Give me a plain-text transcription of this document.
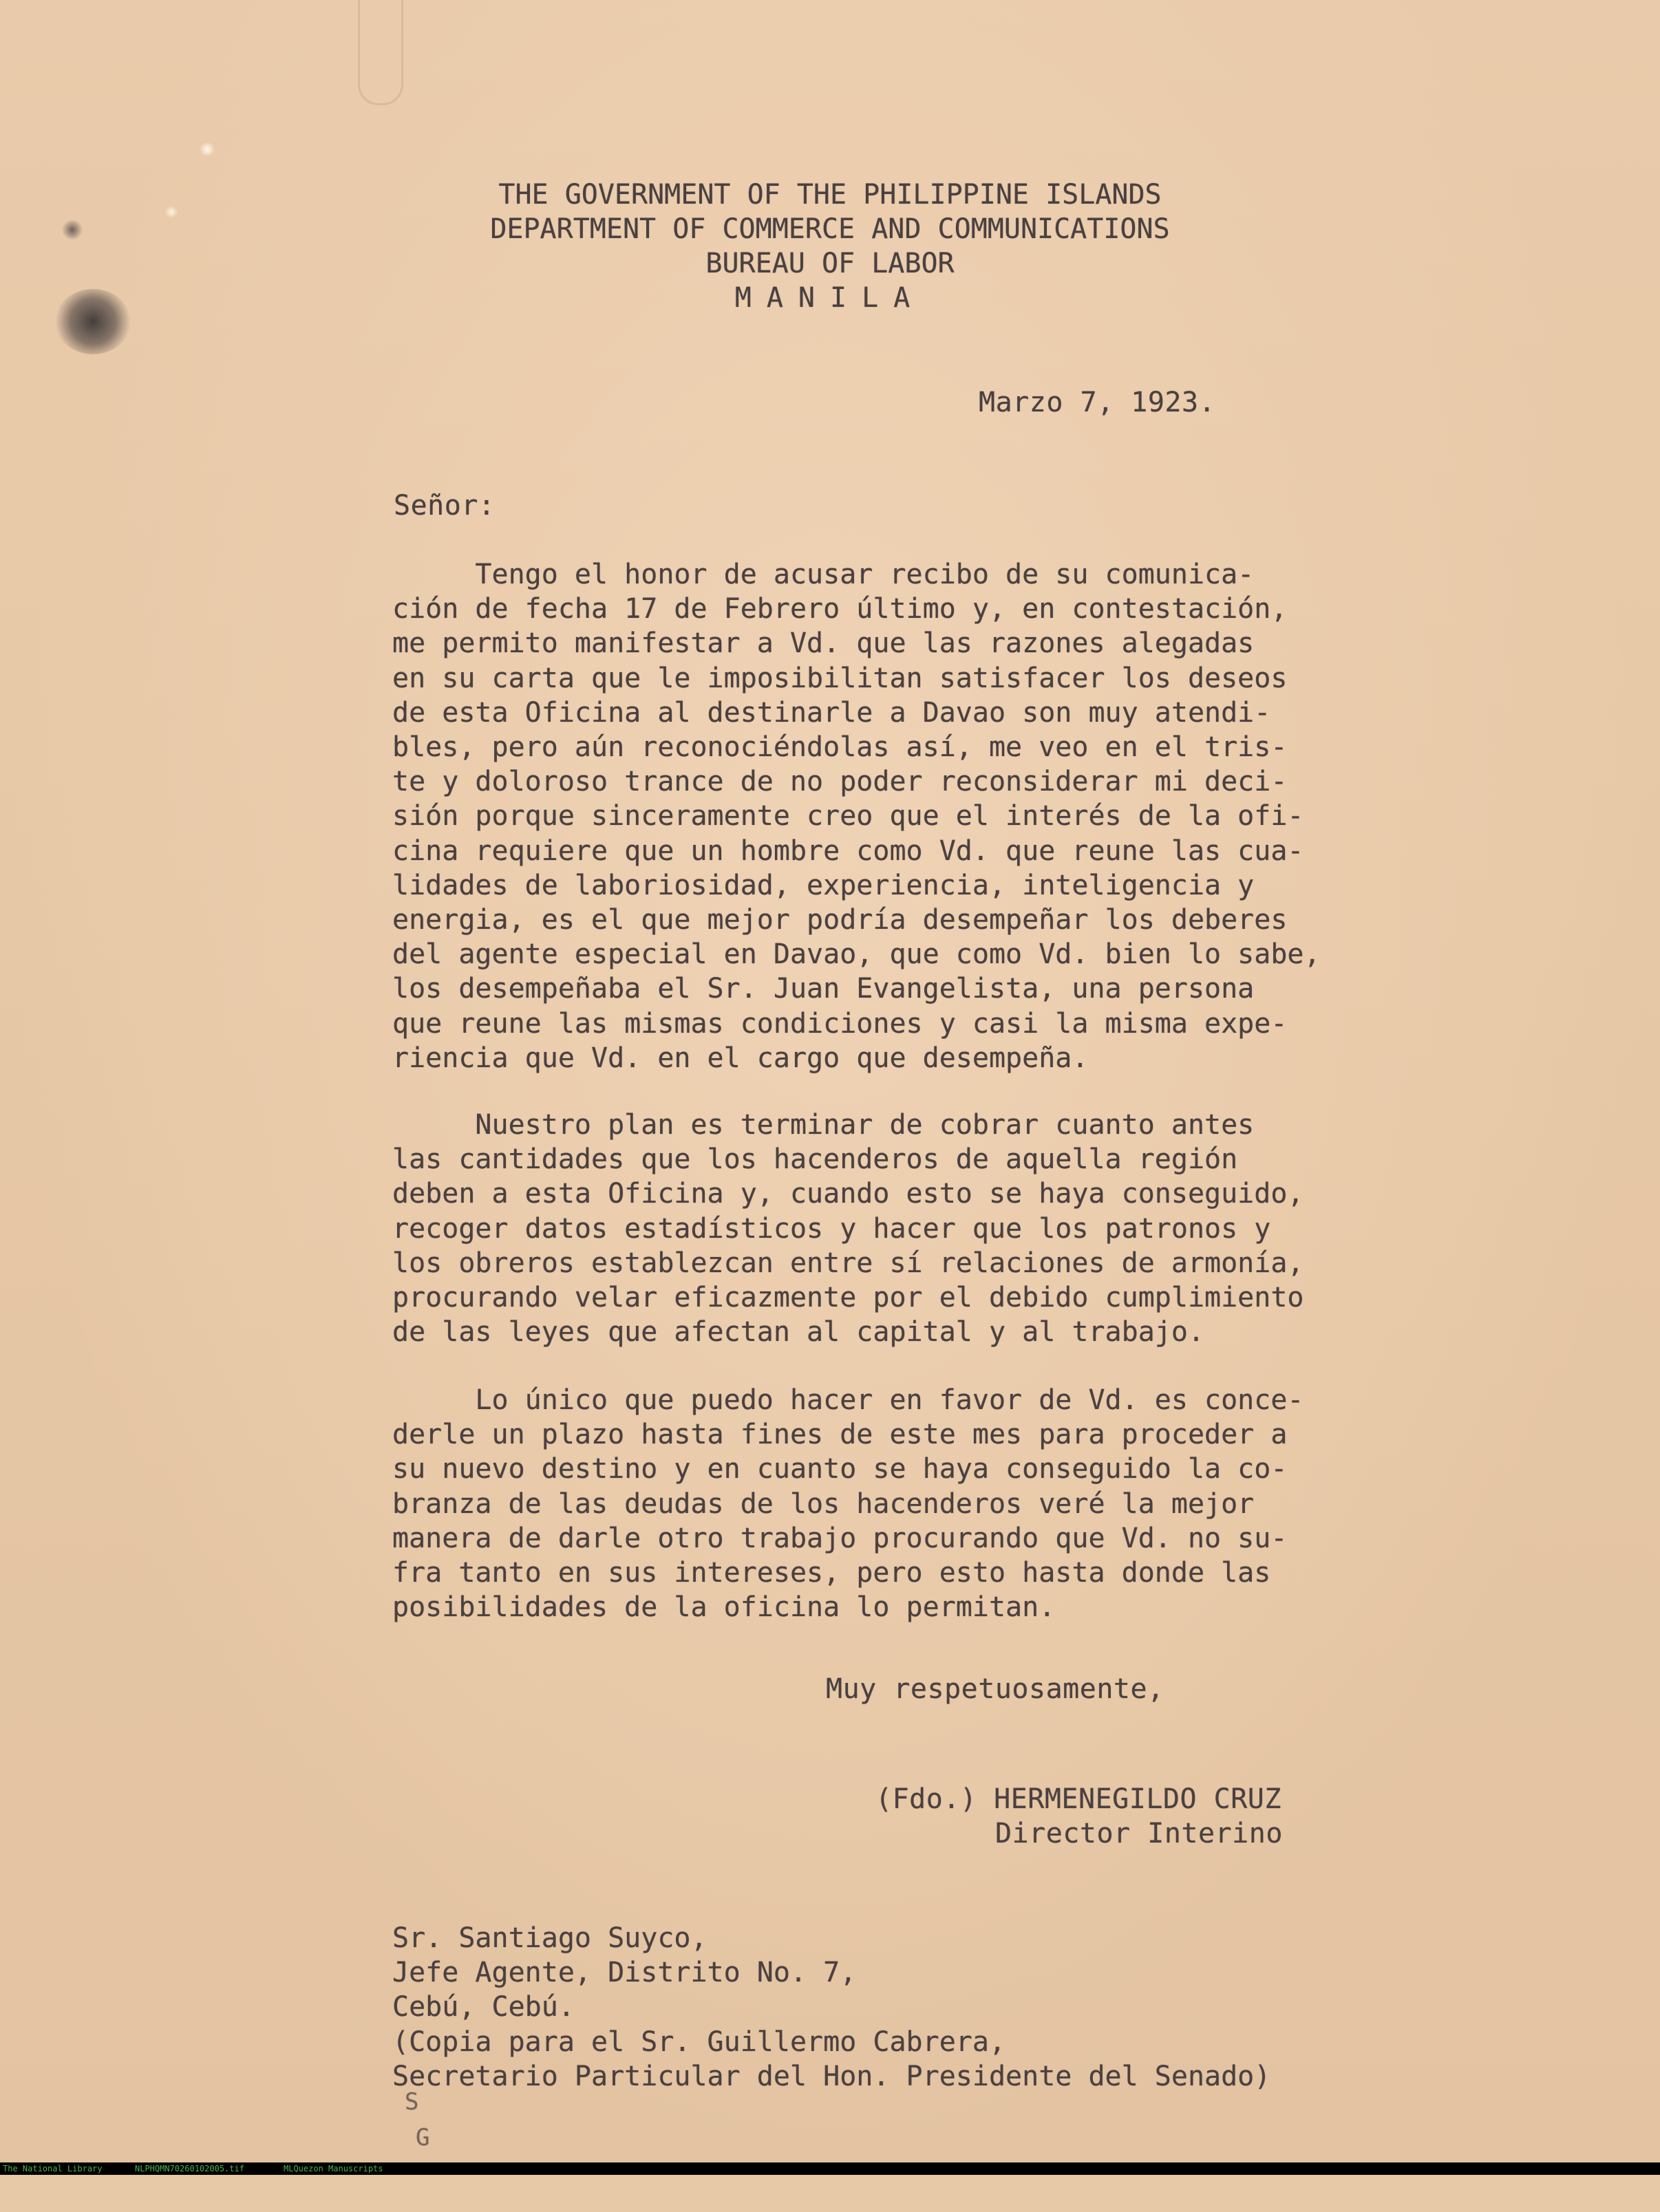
THE GOVERNMENT OF THE PHILIPPINE ISLANDS
DEPARTMENT OF COMMERCE AND COMMUNICATIONS
BUREAU OF LABOR
MANILA
Marzo 7, 1923.
Señor:
Tengo el honor de acusar recibo de su comunica-
ción de fecha 17 de Febrero último y, en contestación,
me permito manifestar a Vd. que las razones alegadas
en su carta que le imposibilitan satisfacer los deseos
de esta Oficina al destinarle a Davao son muy atendi-
bles, pero aún reconociéndolas así, me veo en el tris-
te y doloroso trance de no poder reconsiderar mi deci-
sión porque sinceramente creo que el interés de la ofi-
cina requiere que un hombre como Vd. que reune las cua-
lidades de laboriosidad, experiencia, inteligencia y
energia, es el que mejor podría desempeñar los deberes
del agente especial en Davao, que como Vd. bien lo sabe,
los desempeñaba el Sr. Juan Evangelista, una persona
que reune las mismas condiciones y casi la misma expe-
riencia que Vd. en el cargo que desempeña.
Nuestro plan es terminar de cobrar cuanto antes
las cantidades que los hacenderos de aquella región
deben a esta Oficina y, cuando esto se haya conseguido,
recoger datos estadísticos y hacer que los patronos y
los obreros establezcan entre sí relaciones de armonía,
procurando velar eficazmente por el debido cumplimiento
de las leyes que afectan al capital y al trabajo.
Lo único que puedo hacer en favor de Vd. es conce-
derle un plazo hasta fines de este mes para proceder a
su nuevo destino y en cuanto se haya conseguido la co-
branza de las deudas de los hacenderos veré la mejor
manera de darle otro trabajo procurando que Vd. no su-
fra tanto en sus intereses, pero esto hasta donde las
posibilidades de la oficina lo permitan.
Muy respetuosamente,
(Fdo.) HERMENEGILDO CRUZ
Director Interino
Sr. Santiago Suyco,
Jefe Agente, Distrito No. 7,
Cebú, Cebú.
(Copia para el Sr. Guillermo Cabrera,
Secretario Particular del Hon. Presidente del Senado)
S
G

The National Library

	NLPHQMN70260102005.tif

	MLQuezon Manuscripts
